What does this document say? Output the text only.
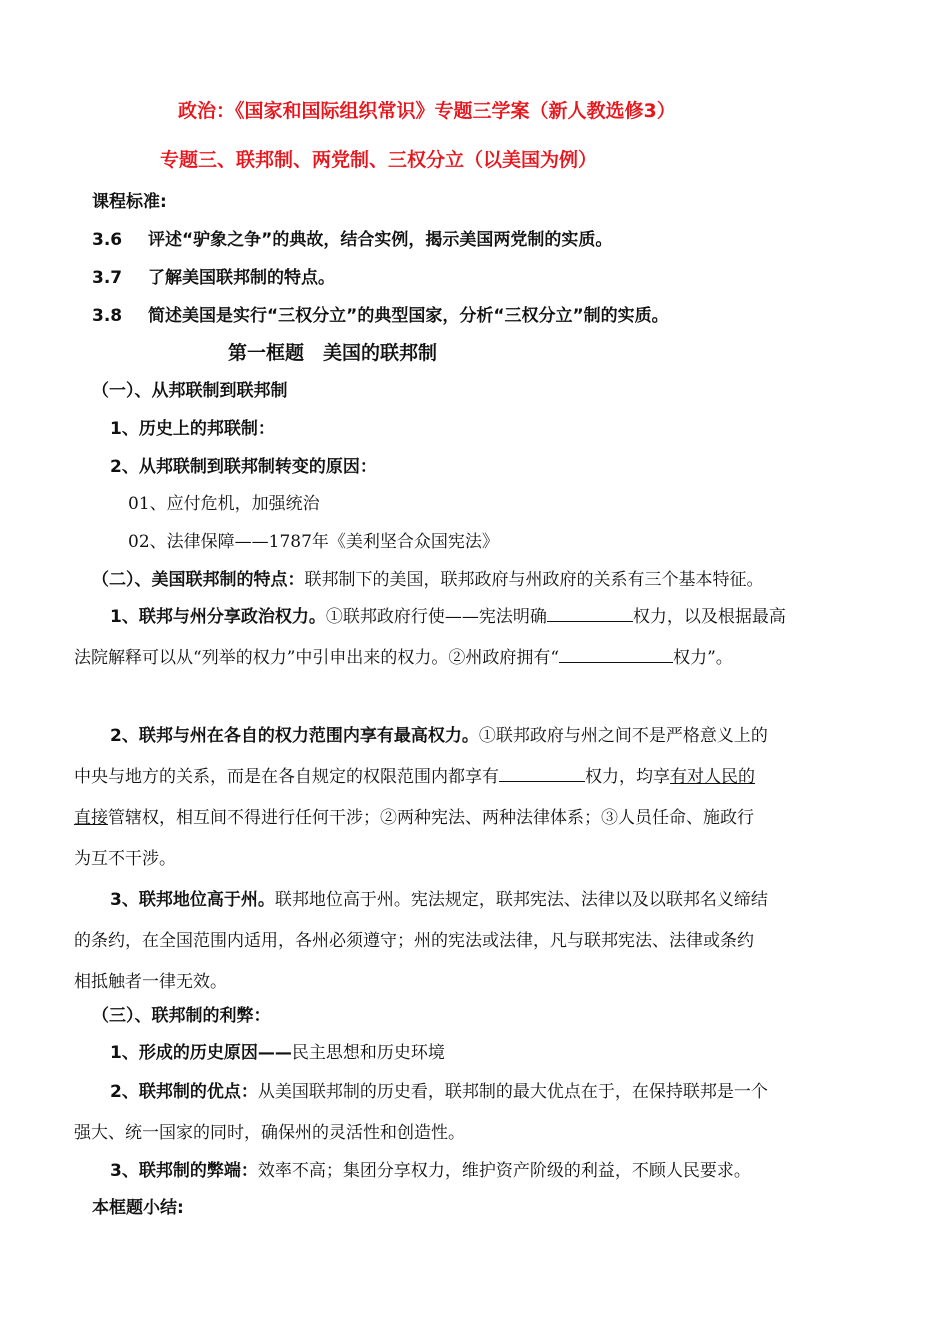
政治：《国家和国际组织常识》专题三学案（新人教选修3）
专题三、联邦制、两党制、三权分立（以美国为例）
课程标准:
3.6 评述“驴象之争”的典故，结合实例，揭示美国两党制的实质。
3.7 了解美国联邦制的特点。
3.8 简述美国是实行“三权分立”的典型国家，分析“三权分立”制的实质。
第一框题　美国的联邦制
（一）、从邦联制到联邦制
1、历史上的邦联制：
2、从邦联制到联邦制转变的原因：
01、应付危机，加强统治
02、法律保障——1787年《美利坚合众国宪法》
（二）、美国联邦制的特点：联邦制下的美国，联邦政府与州政府的关系有三个基本特征。
1、联邦与州分享政治权力。①联邦政府行使——宪法明确	权力，以及根据最高
法院解释可以从“列举的权力”中引申出来的权力。②州政府拥有“	权力”。
2、联邦与州在各自的权力范围内享有最高权力。①联邦政府与州之间不是严格意义上的
中央与地方的关系，而是在各自规定的权限范围内都享有	权力，均享有对人民的
直接管辖权，相互间不得进行任何干涉；②两种宪法、两种法律体系；③人员任命、施政行
为互不干涉。
3、联邦地位高于州。联邦地位高于州。宪法规定，联邦宪法、法律以及以联邦名义缔结
的条约，在全国范围内适用，各州必须遵守；州的宪法或法律，凡与联邦宪法、法律或条约
相抵触者一律无效。
（三）、联邦制的利弊：
1、形成的历史原因——民主思想和历史环境
2、联邦制的优点：从美国联邦制的历史看，联邦制的最大优点在于，在保持联邦是一个
强大、统一国家的同时，确保州的灵活性和创造性。
3、联邦制的弊端：效率不高；集团分享权力，维护资产阶级的利益，不顾人民要求。
本框题小结:
